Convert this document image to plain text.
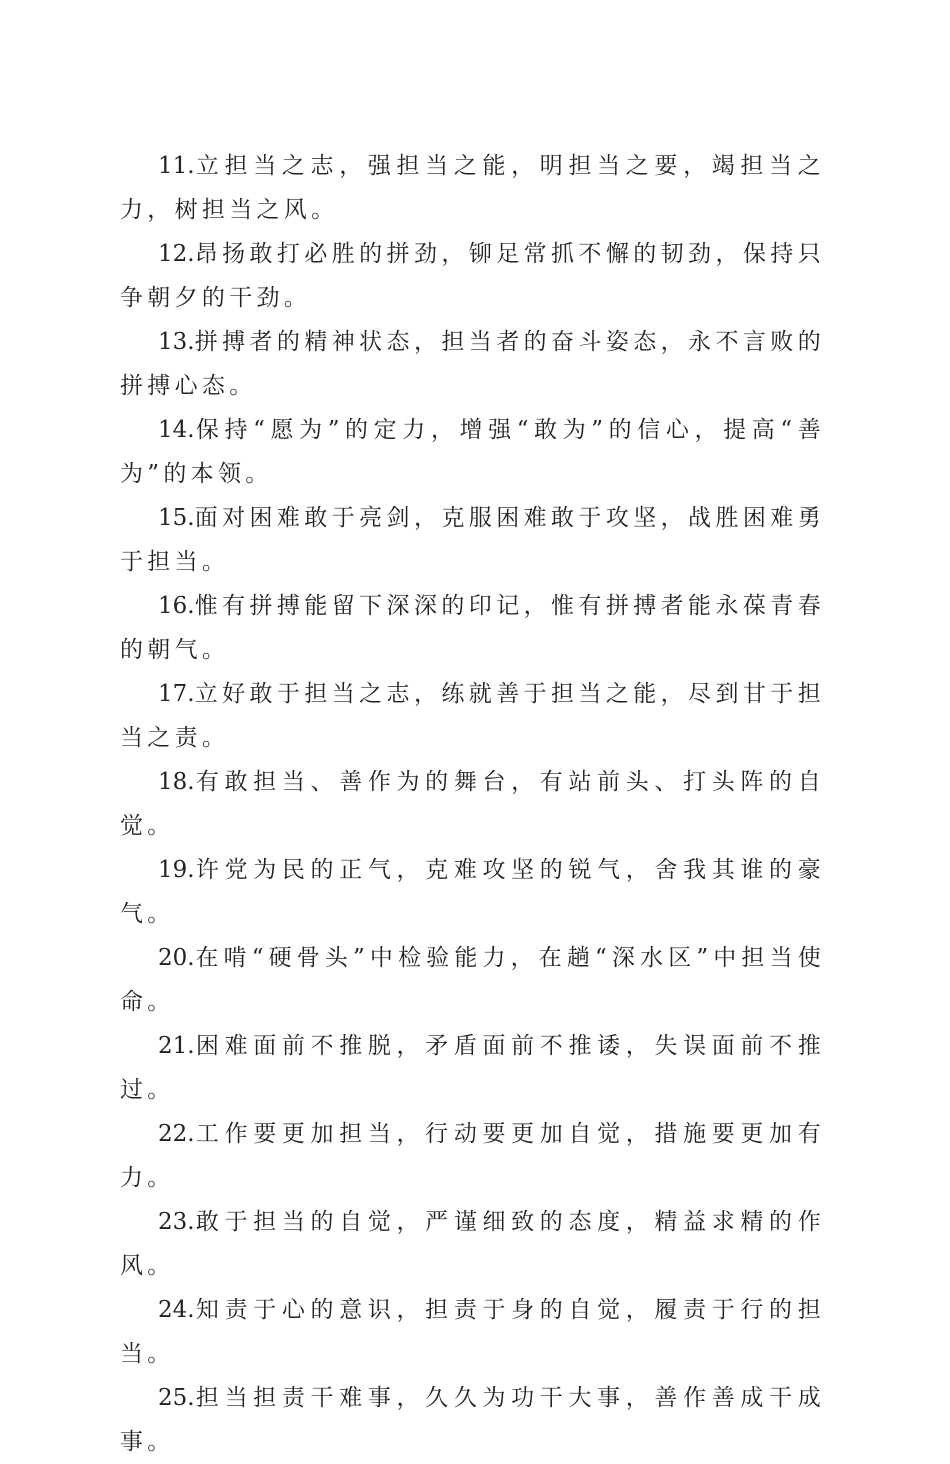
11.立担当之志，强担当之能，明担当之要，竭担当之力，树担当之风。

12.昂扬敢打必胜的拼劲，铆足常抓不懈的韧劲，保持只争朝夕的干劲。

13.拼搏者的精神状态，担当者的奋斗姿态，永不言败的拼搏心态。

14.保持“愿为”的定力，增强“敢为”的信心，提高“善为”的本领。

15.面对困难敢于亮剑，克服困难敢于攻坚，战胜困难勇于担当。

16.惟有拼搏能留下深深的印记，惟有拼搏者能永葆青春的朝气。

17.立好敢于担当之志，练就善于担当之能，尽到甘于担当之责。

18.有敢担当、善作为的舞台，有站前头、打头阵的自觉。

19.许党为民的正气，克难攻坚的锐气，舍我其谁的豪气。

20.在啃“硬骨头”中检验能力，在趟“深水区”中担当使命。

21.困难面前不推脱，矛盾面前不推诿，失误面前不推过。

22.工作要更加担当，行动要更加自觉，措施要更加有力。

23.敢于担当的自觉，严谨细致的态度，精益求精的作风。

24.知责于心的意识，担责于身的自觉，履责于行的担当。

25.担当担责干难事，久久为功干大事，善作善成干成事。
